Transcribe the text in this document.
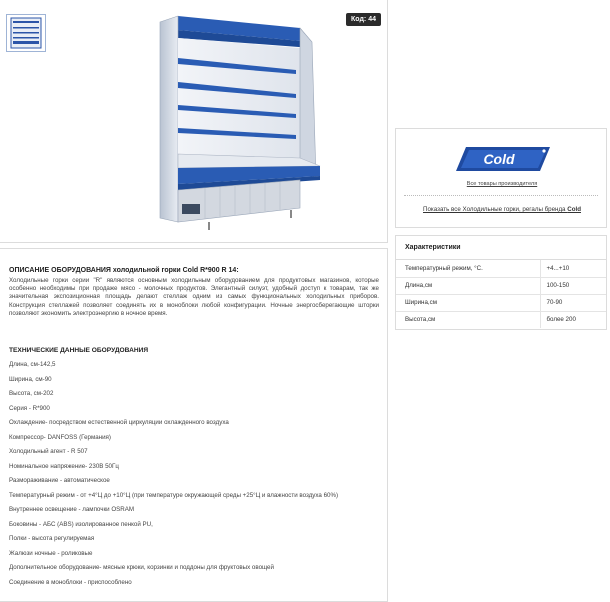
Код: 44
Cold
Все товары производителя
Показать все Холодильные горки, регалы бренда Cold
Характеристики
Температурный режим, °С.	+4...+10
Длина,см	100-150
Ширина,см	70-90
Высота,см	более 200
ОПИСАНИЕ ОБОРУДОВАНИЯ холодильной горки Cold R*900 R 14:
Холодильные горки серии "R" являются основным холодильным оборудованием для продуктовых магазинов, которые особенно необходимы при продаже мясо - молочных продуктов. Элегантный силуэт, удобный доступ к товарам, так же значительная экспозиционная площадь делают стеллаж одним из самых функциональных холодильных приборов. Конструкция стеллажей позволяет соединять их в моноблоки любой конфигурации. Ночные энергосберегающие шторки позволяют экономить электроэнергию в ночное время.
ТЕХНИЧЕСКИЕ ДАННЫЕ ОБОРУДОВАНИЯ
Длина, см-142,5
Ширина, см-90
Высота, см-202
Серия - R*900
Охлаждение- посредством естественной циркуляции охлажденного воздуха
Компрессор- DANFOSS (Германия)
Холодильный агент - R 507
Номинальное напряжение- 230В 50Гц
Размораживание - автоматическое
Температурный режим - от +4°Ц до +10°Ц (при температуре окружающей среды +25°Ц и влажности воздуха 60%)
Внутреннее освещение - лампочки OSRAM
Боковины - АБС (ABS) изолированное пенкой PU,
Полки - высота регулируемая
Жалюзи ночные - роликовые
Дополнительное оборудование- мясные крюки, корзинки и поддоны для фруктовых овощей
Соединение в моноблоки - приспособлено
